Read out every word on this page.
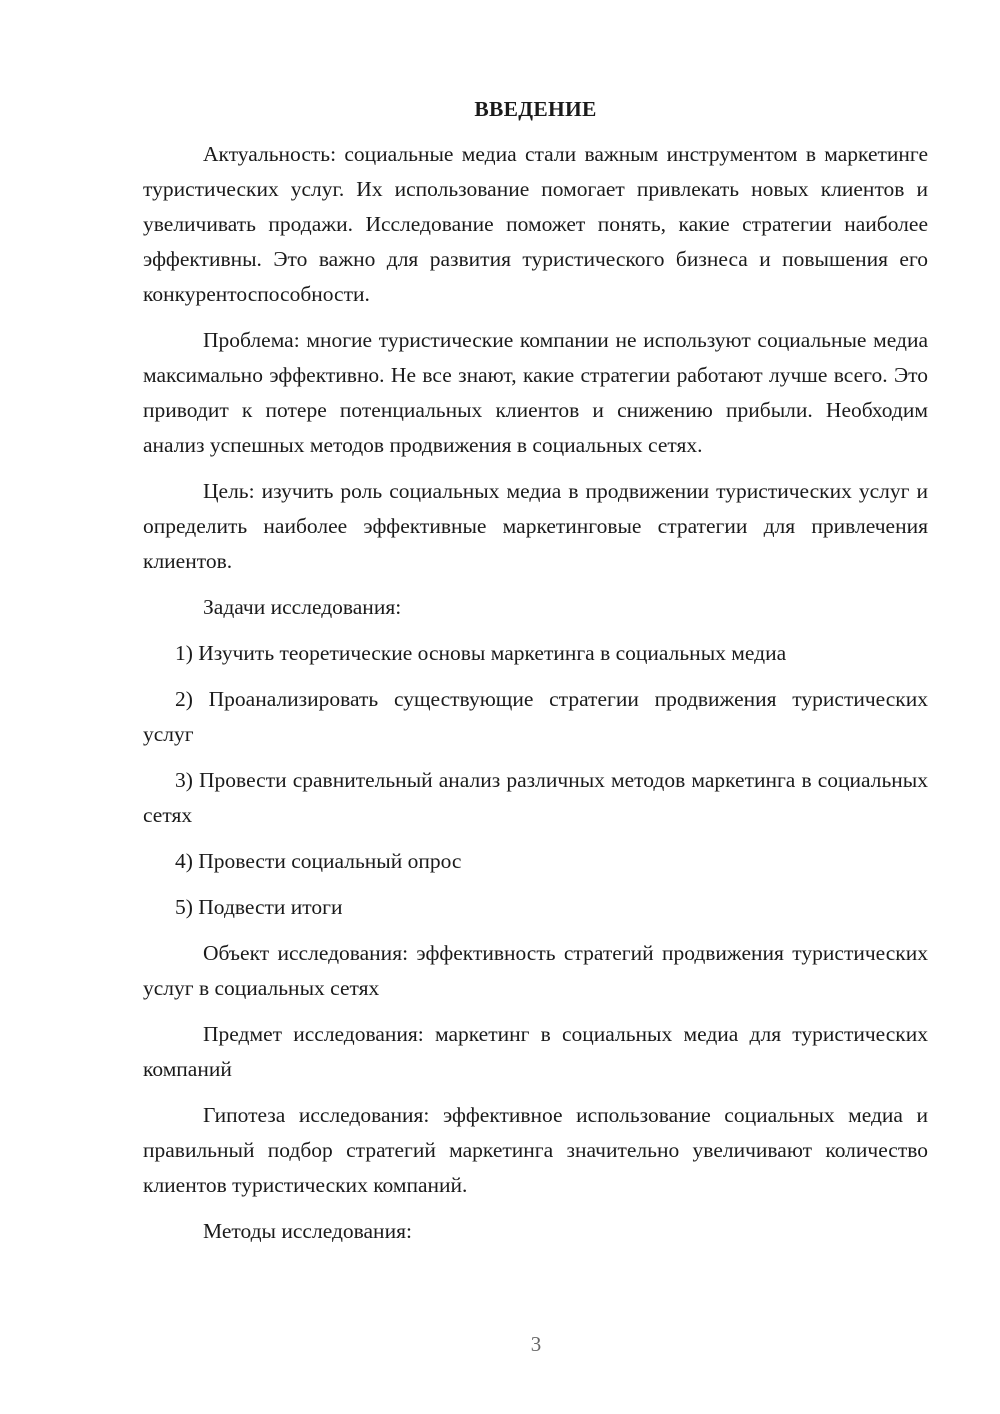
ВВЕДЕНИЕ

Актуальность: социальные медиа стали важным инструментом в маркетинге туристических услуг. Их использование помогает привлекать новых клиентов и увеличивать продажи. Исследование поможет понять, какие стратегии наиболее эффективны. Это важно для развития туристического бизнеса и повышения его конкурентоспособности.

Проблема: многие туристические компании не используют социальные медиа максимально эффективно. Не все знают, какие стратегии работают лучше всего. Это приводит к потере потенциальных клиентов и снижению прибыли. Необходим анализ успешных методов продвижения в социальных сетях.

Цель: изучить роль социальных медиа в продвижении туристических услуг и определить наиболее эффективные маркетинговые стратегии для привлечения клиентов.

Задачи исследования:

1) Изучить теоретические основы маркетинга в социальных медиа

2) Проанализировать существующие стратегии продвижения туристических услуг

3) Провести сравнительный анализ различных методов маркетинга в социальных сетях

4) Провести социальный опрос

5) Подвести итоги

Объект исследования: эффективность стратегий продвижения туристических услуг в социальных сетях

Предмет исследования: маркетинг в социальных медиа для туристических компаний

Гипотеза исследования: эффективное использование социальных медиа и правильный подбор стратегий маркетинга значительно увеличивают количество клиентов туристических компаний.

Методы исследования:

3
